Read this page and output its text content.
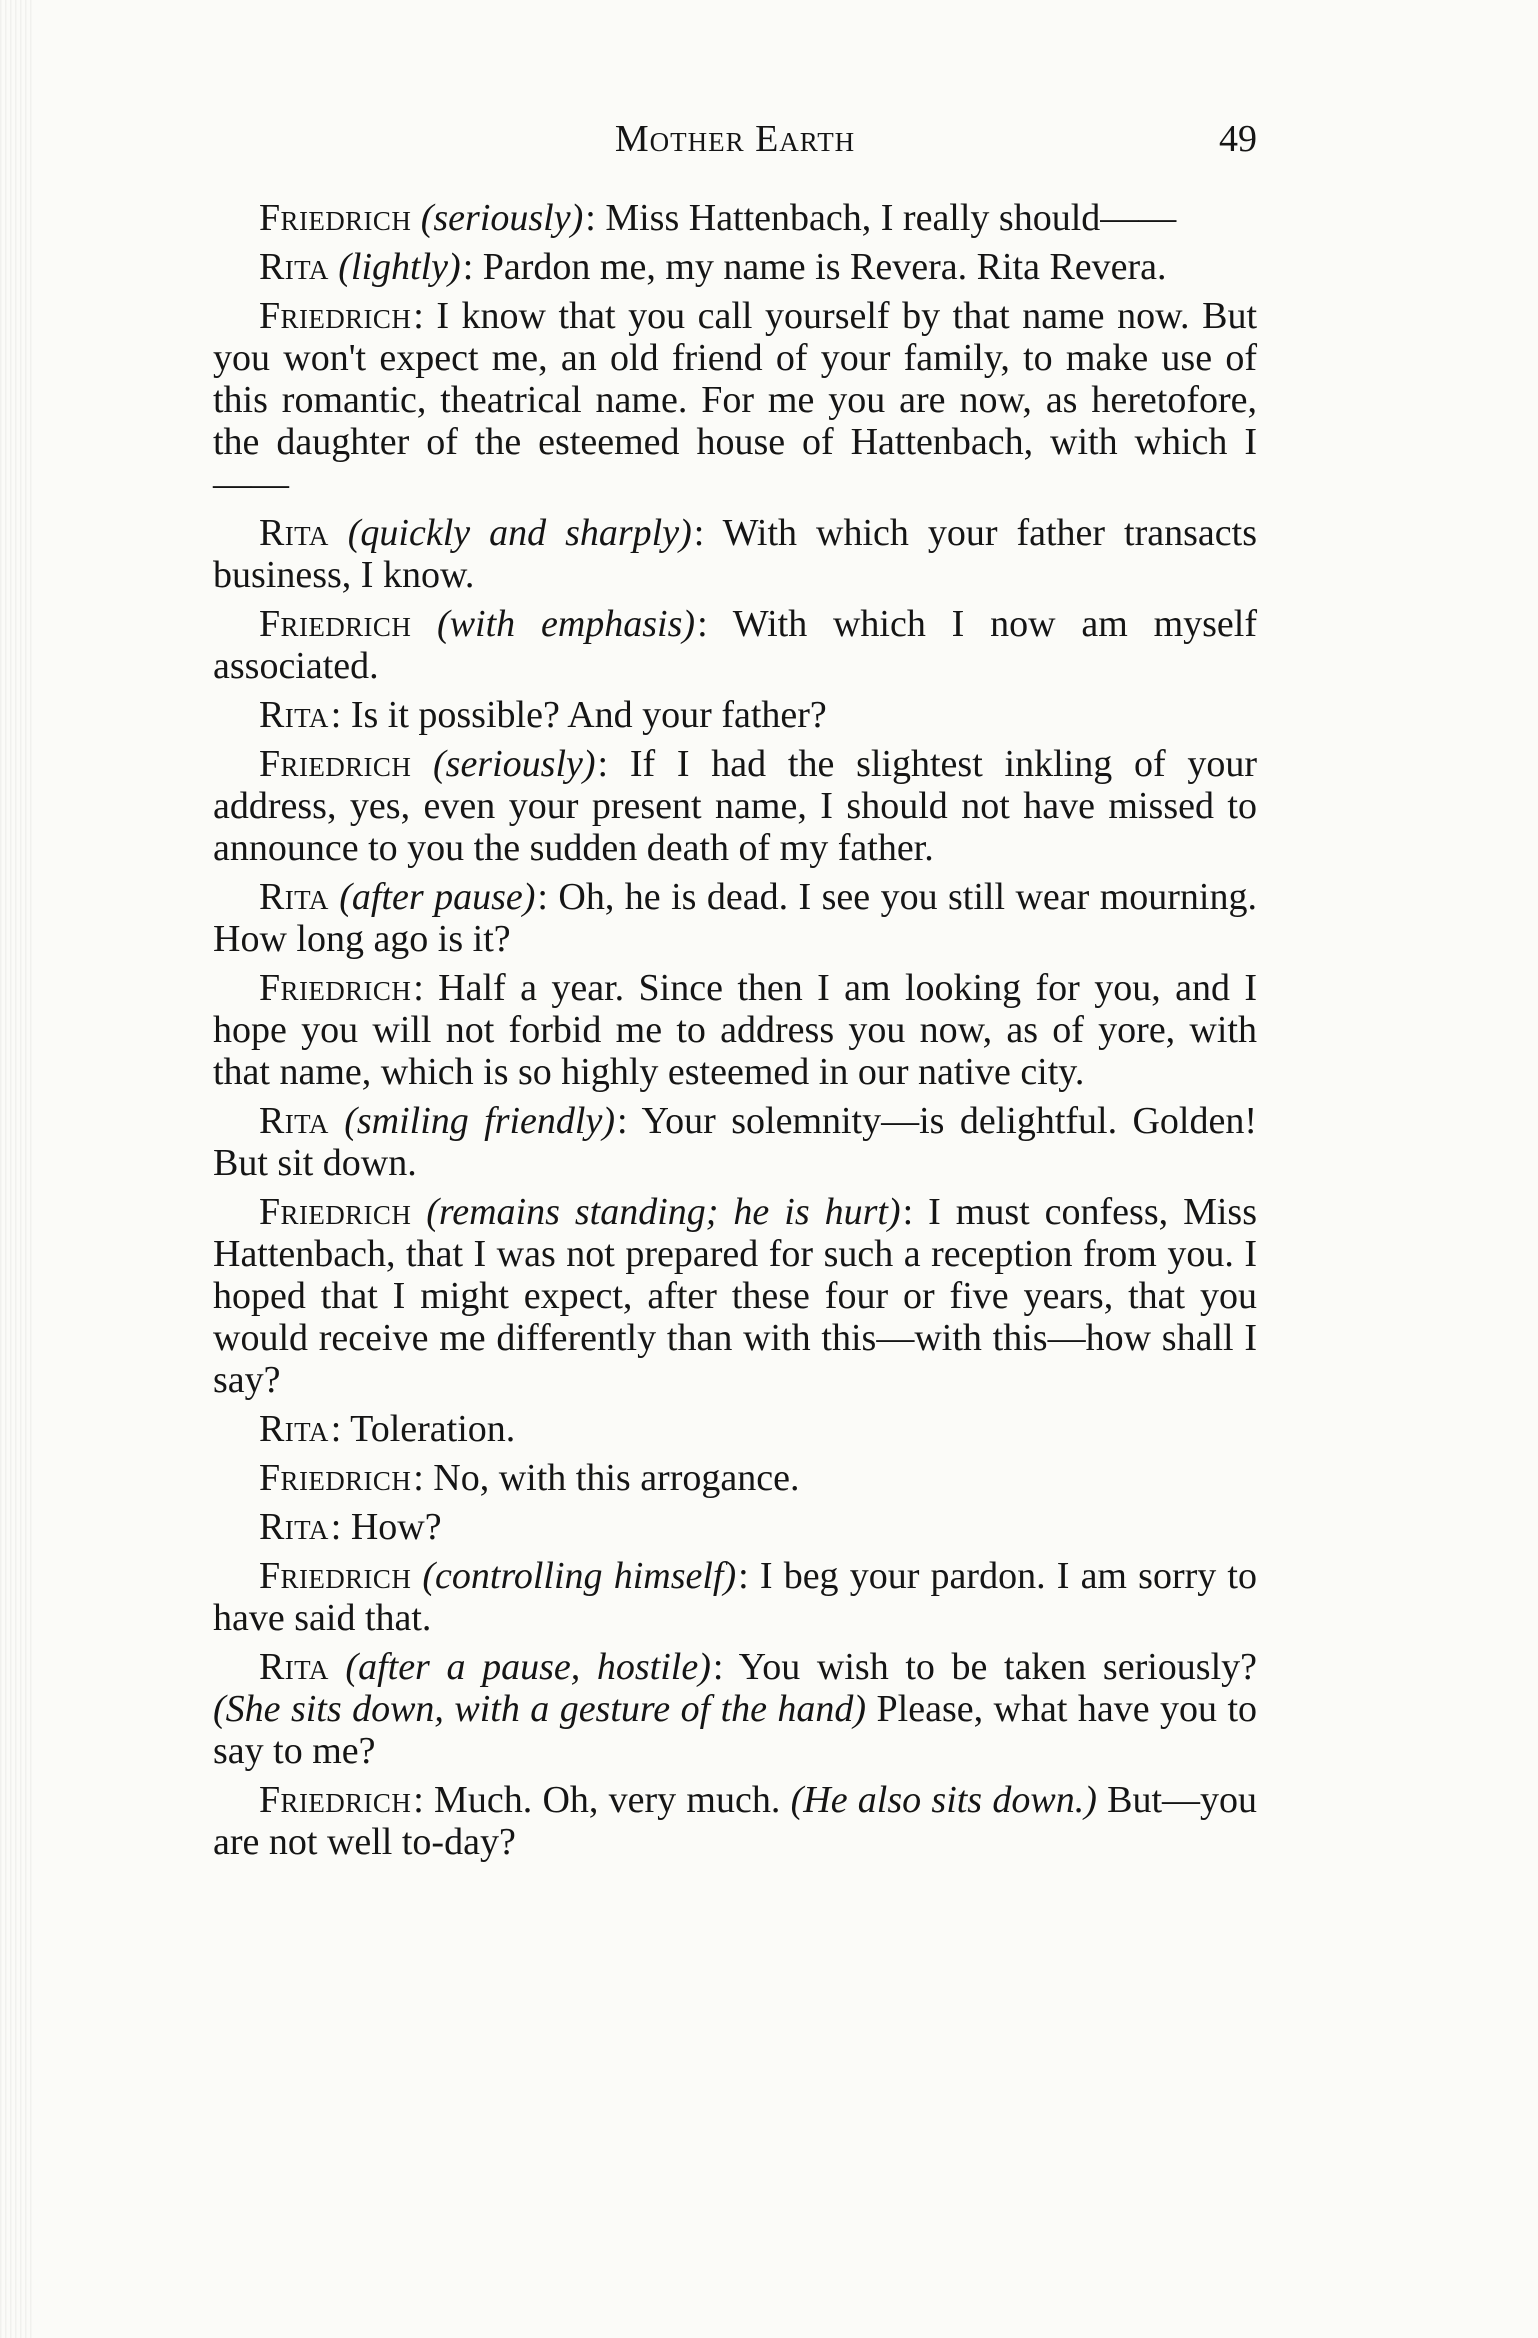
Mother Earth	49

Friedrich (seriously): Miss Hattenbach, I really should——

Rita (lightly): Pardon me, my name is Revera. Rita Revera.

Friedrich: I know that you call yourself by that name now. But you won't expect me, an old friend of your family, to make use of this romantic, theatrical name. For me you are now, as heretofore, the daughter of the esteemed house of Hattenbach, with which I——

Rita (quickly and sharply): With which your father transacts business, I know.

Friedrich (with emphasis): With which I now am myself associated.

Rita: Is it possible? And your father?

Friedrich (seriously): If I had the slightest inkling of your address, yes, even your present name, I should not have missed to announce to you the sudden death of my father.

Rita (after pause): Oh, he is dead. I see you still wear mourning. How long ago is it?

Friedrich: Half a year. Since then I am looking for you, and I hope you will not forbid me to address you now, as of yore, with that name, which is so highly esteemed in our native city.

Rita (smiling friendly): Your solemnity—is delightful. Golden! But sit down.

Friedrich (remains standing; he is hurt): I must confess, Miss Hattenbach, that I was not prepared for such a reception from you. I hoped that I might expect, after these four or five years, that you would receive me differently than with this—with this—how shall I say?

Rita: Toleration.

Friedrich: No, with this arrogance.

Rita: How?

Friedrich (controlling himself): I beg your pardon. I am sorry to have said that.

Rita (after a pause, hostile): You wish to be taken seriously? (She sits down, with a gesture of the hand) Please, what have you to say to me?

Friedrich: Much. Oh, very much. (He also sits down.) But—you are not well to-day?
